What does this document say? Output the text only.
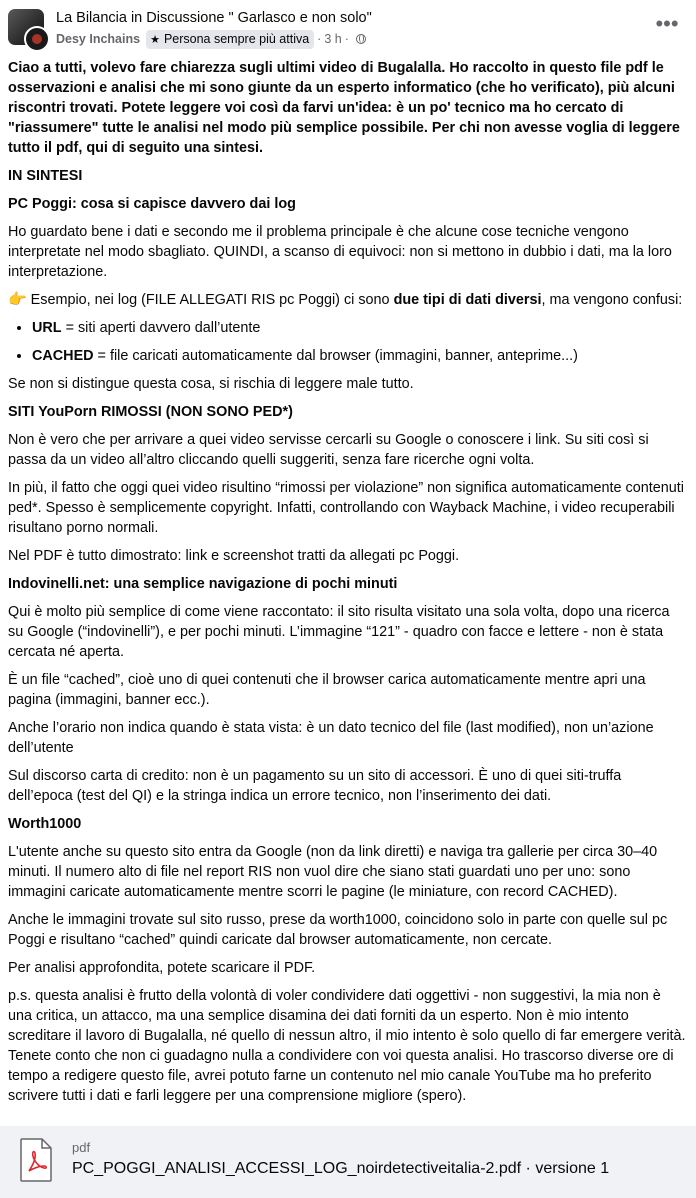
La Bilancia in Discussione " Garlasco e non solo"
Desy Inchains ★ Persona sempre più attiva · 3 h ·
•••

Ciao a tutti, volevo fare chiarezza sugli ultimi video di Bugalalla. Ho raccolto in questo file pdf le osservazioni e analisi che mi sono giunte da un esperto informatico (che ho verificato), più alcuni riscontri trovati. Potete leggere voi così da farvi un'idea: è un po' tecnico ma ho cercato di "riassumere" tutte le analisi nel modo più semplice possibile. Per chi non avesse voglia di leggere tutto il pdf, qui di seguito una sintesi.

IN SINTESI

PC Poggi: cosa si capisce davvero dai log

Ho guardato bene i dati e secondo me il problema principale è che alcune cose tecniche vengono interpretate nel modo sbagliato. QUINDI, a scanso di equivoci: non si mettono in dubbio i dati, ma la loro interpretazione.

👉 Esempio, nei log (FILE ALLEGATI RIS pc Poggi) ci sono due tipi di dati diversi, ma vengono confusi:

• URL = siti aperti davvero dall’utente
• CACHED = file caricati automaticamente dal browser (immagini, banner, anteprime...)

Se non si distingue questa cosa, si rischia di leggere male tutto.

SITI YouPorn RIMOSSI (NON SONO PED*)

Non è vero che per arrivare a quei video servisse cercarli su Google o conoscere i link. Su siti così si passa da un video all’altro cliccando quelli suggeriti, senza fare ricerche ogni volta.

In più, il fatto che oggi quei video risultino “rimossi per violazione” non significa automaticamente contenuti ped*. Spesso è semplicemente copyright. Infatti, controllando con Wayback Machine, i video recuperabili risultano porno normali.

Nel PDF è tutto dimostrato: link e screenshot tratti da allegati pc Poggi.

Indovinelli.net: una semplice navigazione di pochi minuti

Qui è molto più semplice di come viene raccontato: il sito risulta visitato una sola volta, dopo una ricerca su Google (“indovinelli”), e per pochi minuti. L’immagine “121” - quadro con facce e lettere - non è stata cercata né aperta.

È un file “cached”, cioè uno di quei contenuti che il browser carica automaticamente mentre apri una pagina (immagini, banner ecc.).

Anche l’orario non indica quando è stata vista: è un dato tecnico del file (last modified), non un’azione dell’utente

Sul discorso carta di credito: non è un pagamento su un sito di accessori. È uno di quei siti-truffa dell’epoca (test del QI) e la stringa indica un errore tecnico, non l’inserimento dei dati.

Worth1000

L'utente anche su questo sito entra da Google (non da link diretti) e naviga tra gallerie per circa 30–40 minuti. Il numero alto di file nel report RIS non vuol dire che siano stati guardati uno per uno: sono immagini caricate automaticamente mentre scorri le pagine (le miniature, con record CACHED).

Anche le immagini trovate sul sito russo, prese da worth1000, coincidono solo in parte con quelle sul pc Poggi e risultano “cached” quindi caricate dal browser automaticamente, non cercate.

Per analisi approfondita, potete scaricare il PDF.

p.s. questa analisi è frutto della volontà di voler condividere dati oggettivi - non suggestivi, la mia non è una critica, un attacco, ma una semplice disamina dei dati forniti da un esperto. Non è mio intento screditare il lavoro di Bugalalla, né quello di nessun altro, il mio intento è solo quello di far emergere verità. Tenete conto che non ci guadagno nulla a condividere con voi questa analisi. Ho trascorso diverse ore di tempo a redigere questo file, avrei potuto farne un contenuto nel mio canale YouTube ma ho preferito scrivere tutti i dati e farli leggere per una comprensione migliore (spero).

pdf
PC_POGGI_ANALISI_ACCESSI_LOG_noirdetectiveitalia-2.pdf · versione 1
